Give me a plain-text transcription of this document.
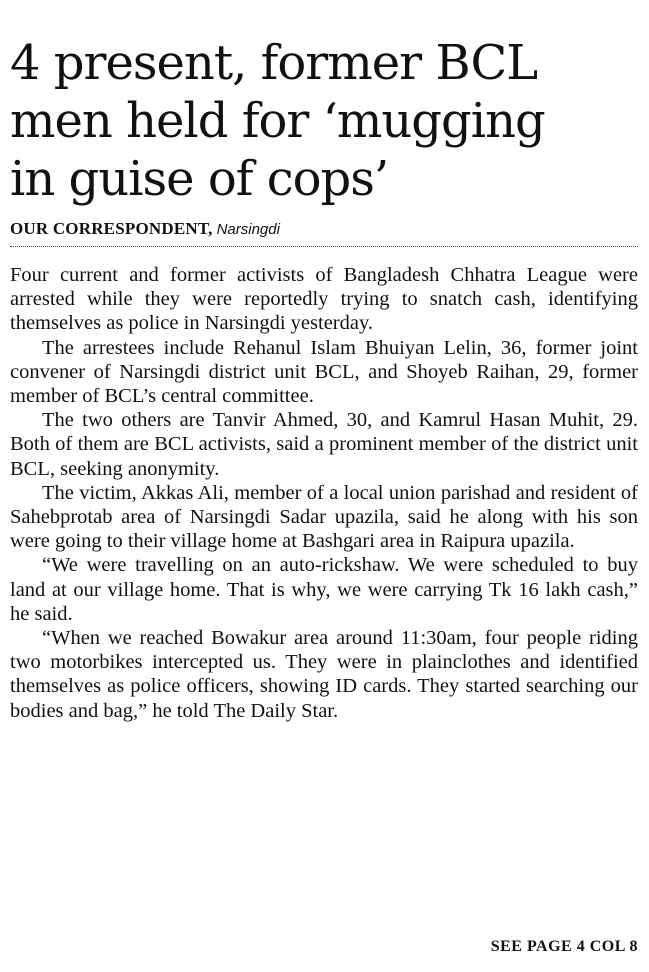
4 present, former BCL
men held for ‘mugging
in guise of cops’
OUR CORRESPONDENT, Narsingdi

Four current and former activists of Bangladesh Chhatra League were arrested while they were reportedly trying to snatch cash, identifying themselves as police in Narsingdi yesterday.

The arrestees include Rehanul Islam Bhuiyan Lelin, 36, former joint convener of Narsingdi district unit BCL, and Shoyeb Raihan, 29, former member of BCL’s central committee.

The two others are Tanvir Ahmed, 30, and Kamrul Hasan Muhit, 29. Both of them are BCL activists, said a prominent member of the district unit BCL, seeking anonymity.

The victim, Akkas Ali, member of a local union parishad and resident of Sahebprotab area of Narsingdi Sadar upazila, said he along with his son were going to their village home at Bashgari area in Raipura upazila.

“We were travelling on an auto-rickshaw. We were scheduled to buy land at our village home. That is why, we were carrying Tk 16 lakh cash,” he said.

“When we reached Bowakur area around 11:30am, four people riding two motorbikes intercepted us. They were in plainclothes and identified themselves as police officers, showing ID cards. They started searching our bodies and bag,” he told The Daily Star.

SEE PAGE 4 COL 8
